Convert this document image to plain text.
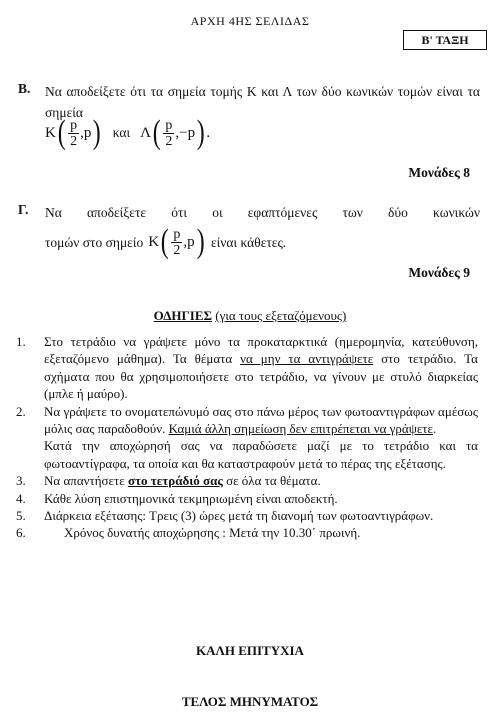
ΑΡΧΗ 4ΗΣ ΣΕΛΙΔΑΣ
Β' ΤΑΞΗ
Β. Να αποδείξετε ότι τα σημεία τομής Κ και Λ των δύο κωνικών τομών είναι τα σημεία
Κ ( $\frac{p}{2}$ , p ) και Λ ( $\frac{p}{2}$ , −p ) .
Μονάδες 8
Γ. Να αποδείξετε ότι οι εφαπτόμενες των δύο κωνικών
τομών στο σημείο Κ ( $\frac{p}{2}$ , p ) είναι κάθετες.
Μονάδες 9
ΟΔΗΓΙΕΣ (για τους εξεταζόμενους)
1.	Στο τετράδιο να γράψετε μόνο τα προκαταρκτικά (ημερομηνία, κατεύθυνση, εξεταζόμενο μάθημα). Τα θέματα να μην τα αντιγράψετε στο τετράδιο. Τα σχήματα που θα χρησιμοποιήσετε στο τετράδιο, να γίνουν με στυλό διαρκείας (μπλε ή μαύρο).
2.	Να γράψετε το ονοματεπώνυμό σας στο πάνω μέρος των φωτοαντιγράφων αμέσως μόλις σας παραδοθούν. Καμιά άλλη σημείωση δεν επιτρέπεται να γράψετε.
Κατά την αποχώρησή σας να παραδώσετε μαζί με το τετράδιο και τα φωτοαντίγραφα, τα οποία και θα καταστραφούν μετά το πέρας της εξέτασης.
3.	Να απαντήσετε στο τετράδιό σας σε όλα τα θέματα.
4.	Κάθε λύση επιστημονικά τεκμηριωμένη είναι αποδεκτή.
5.	Διάρκεια εξέτασης: Τρεις (3) ώρες μετά τη διανομή των φωτοαντιγράφων.
6.	Χρόνος δυνατής αποχώρησης : Μετά την 10.30΄ πρωινή.
ΚΑΛΗ ΕΠΙΤΥΧΙΑ
ΤΕΛΟΣ ΜΗΝΥΜΑΤΟΣ
